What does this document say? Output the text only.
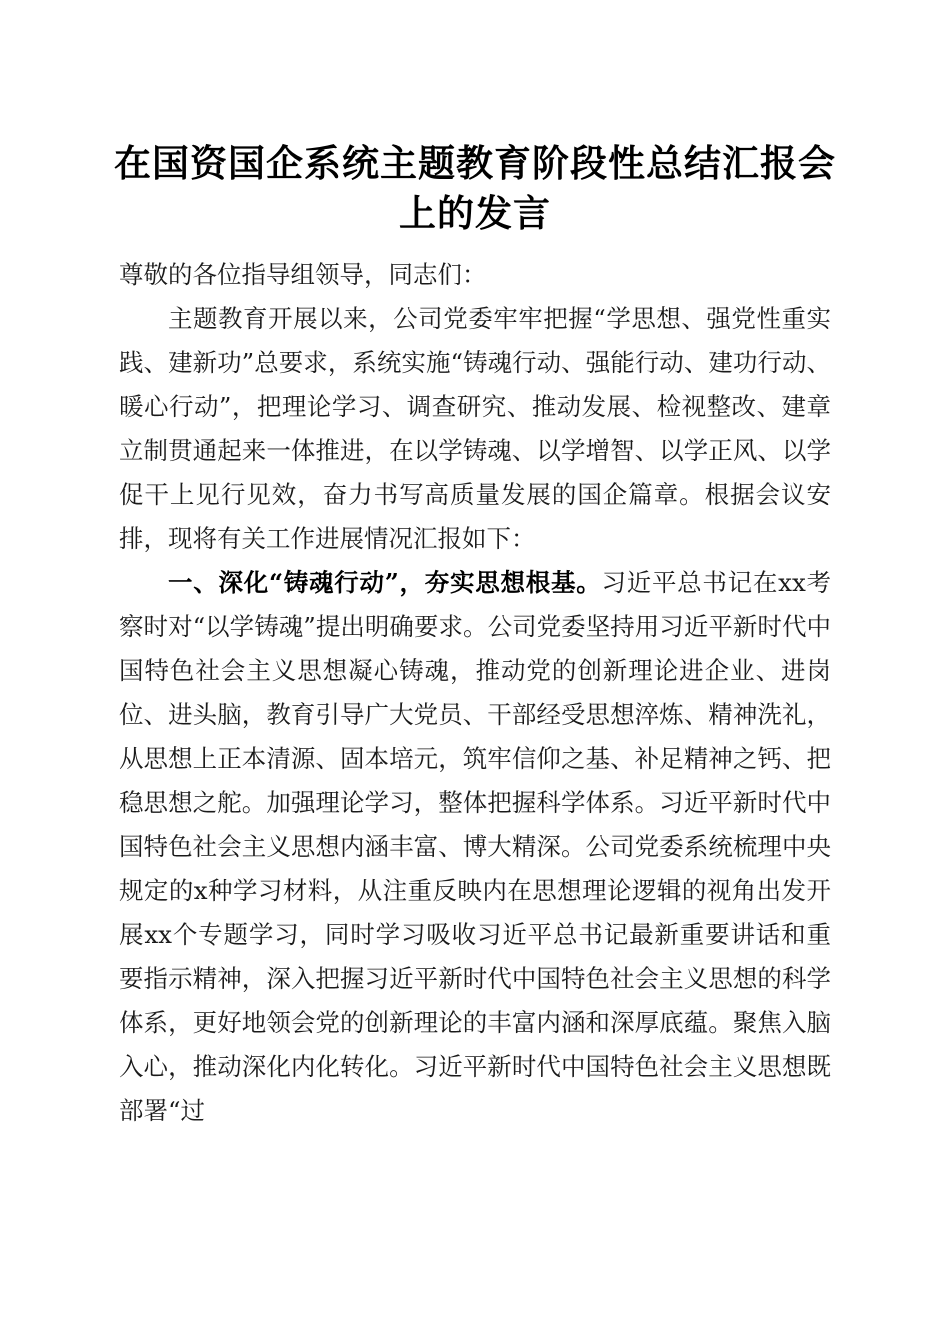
在国资国企系统主题教育阶段性总结汇报会上的发言

尊敬的各位指导组领导，同志们：

主题教育开展以来，公司党委牢牢把握“学思想、强党性重实践、建新功”总要求，系统实施“铸魂行动、强能行动、建功行动、暖心行动”，把理论学习、调查研究、推动发展、检视整改、建章立制贯通起来一体推进，在以学铸魂、以学增智、以学正风、以学促干上见行见效，奋力书写高质量发展的国企篇章。根据会议安排，现将有关工作进展情况汇报如下：

一、深化“铸魂行动”，夯实思想根基。习近平总书记在xx考察时对“以学铸魂”提出明确要求。公司党委坚持用习近平新时代中国特色社会主义思想凝心铸魂，推动党的创新理论进企业、进岗位、进头脑，教育引导广大党员、干部经受思想淬炼、精神洗礼，从思想上正本清源、固本培元，筑牢信仰之基、补足精神之钙、把稳思想之舵。加强理论学习，整体把握科学体系。习近平新时代中国特色社会主义思想内涵丰富、博大精深。公司党委系统梳理中央规定的x种学习材料，从注重反映内在思想理论逻辑的视角出发开展xx个专题学习，同时学习吸收习近平总书记最新重要讲话和重要指示精神，深入把握习近平新时代中国特色社会主义思想的科学体系，更好地领会党的创新理论的丰富内涵和深厚底蕴。聚焦入脑入心，推动深化内化转化。习近平新时代中国特色社会主义思想既部署“过
